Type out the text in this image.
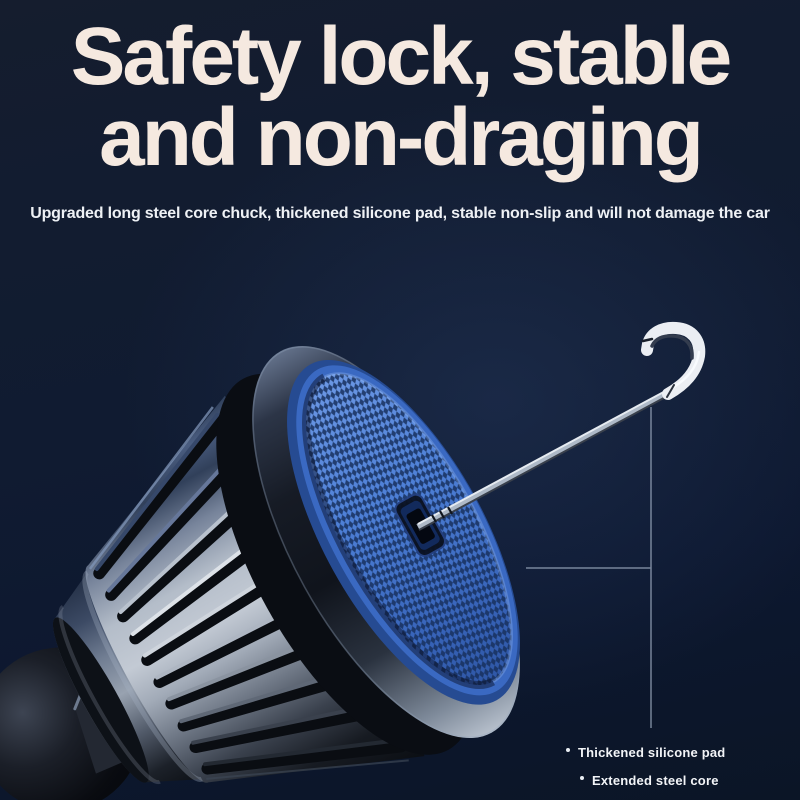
Safety lock, stable
and non-draging

Upgraded long steel core chuck, thickened silicone pad, stable non-slip and will not damage the car

Thickened silicone pad
Extended steel core
